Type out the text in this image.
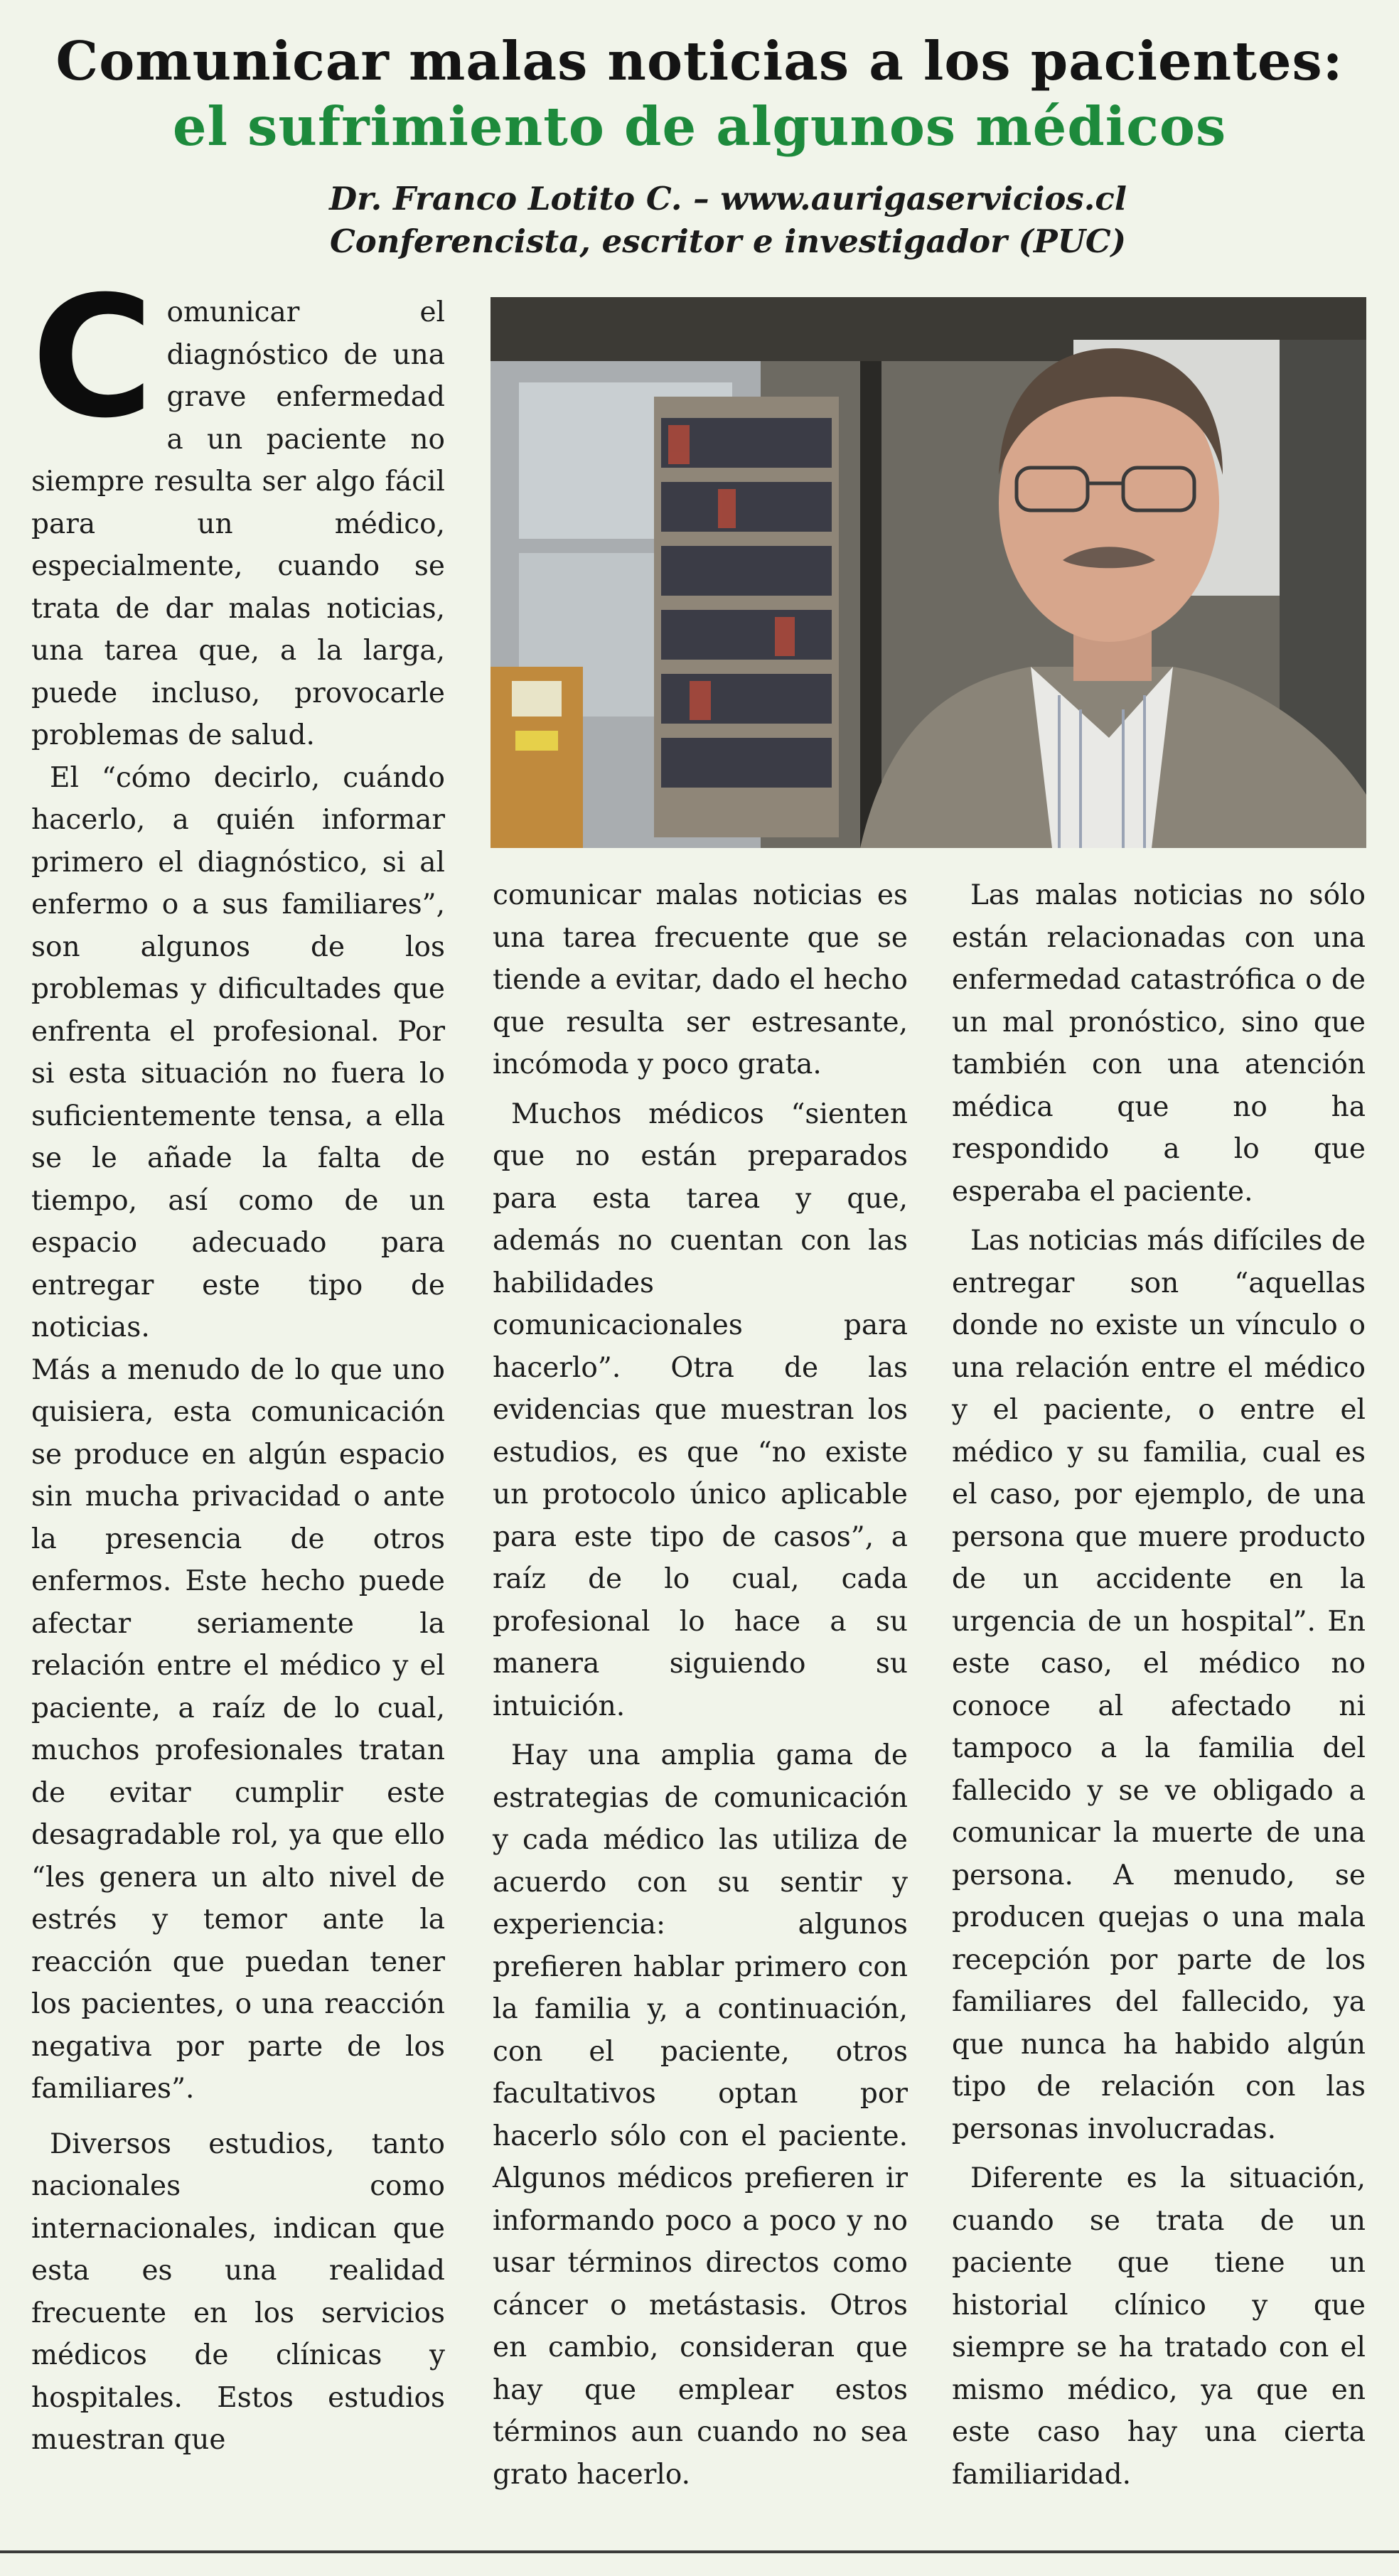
Comunicar malas noticias a los pacientes:
el sufrimiento de algunos médicos
Dr. Franco Lotito C. – www.aurigaservicios.cl
Conferencista, escritor e investigador (PUC)

Comunicar el diagnóstico de una grave enfermedad a un paciente no siempre resulta ser algo fácil para un médico, especialmente, cuando se trata de dar malas noticias, una tarea que, a la larga, puede incluso, provocarle problemas de salud.

El “cómo decirlo, cuándo hacerlo, a quién informar primero el diagnóstico, si al enfermo o a sus familiares”, son algunos de los problemas y dificultades que enfrenta el profesional. Por si esta situación no fuera lo suficientemente tensa, a ella se le añade la falta de tiempo, así como de un espacio adecuado para entregar este tipo de noticias.

Más a menudo de lo que uno quisiera, esta comunicación se produce en algún espacio sin mucha privacidad o ante la presencia de otros enfermos. Este hecho puede afectar seriamente la relación entre el médico y el paciente, a raíz de lo cual, muchos profesionales tratan de evitar cumplir este desagradable rol, ya que ello “les genera un alto nivel de estrés y temor ante la reacción que puedan tener los pacientes, o una reacción negativa por parte de los familiares”.

Diversos estudios, tanto nacionales como internacionales, indican que esta es una realidad frecuente en los servicios médicos de clínicas y hospitales. Estos estudios muestran que

comunicar malas noticias es una tarea frecuente que se tiende a evitar, dado el hecho que resulta ser estresante, incómoda y poco grata.

Muchos médicos “sienten que no están preparados para esta tarea y que, además no cuentan con las habilidades comunicacionales para hacerlo”. Otra de las evidencias que muestran los estudios, es que “no existe un protocolo único aplicable para este tipo de casos”, a raíz de lo cual, cada profesional lo hace a su manera siguiendo su intuición.

Hay una amplia gama de estrategias de comunicación y cada médico las utiliza de acuerdo con su sentir y experiencia: algunos prefieren hablar primero con la familia y, a continuación, con el paciente, otros facultativos optan por hacerlo sólo con el paciente. Algunos médicos prefieren ir informando poco a poco y no usar términos directos como cáncer o metástasis. Otros en cambio, consideran que hay que emplear estos términos aun cuando no sea grato hacerlo.

Las malas noticias no sólo están relacionadas con una enfermedad catastrófica o de un mal pronóstico, sino que también con una atención médica que no ha respondido a lo que esperaba el paciente.

Las noticias más difíciles de entregar son “aquellas donde no existe un vínculo o una relación entre el médico y el paciente, o entre el médico y su familia, cual es el caso, por ejemplo, de una persona que muere producto de un accidente en la urgencia de un hospital”. En este caso, el médico no conoce al afectado ni tampoco a la familia del fallecido y se ve obligado a comunicar la muerte de una persona. A menudo, se producen quejas o una mala recepción por parte de los familiares del fallecido, ya que nunca ha habido algún tipo de relación con las personas involucradas.

Diferente es la situación, cuando se trata de un paciente que tiene un historial clínico y que siempre se ha tratado con el mismo médico, ya que en este caso hay una cierta familiaridad.
